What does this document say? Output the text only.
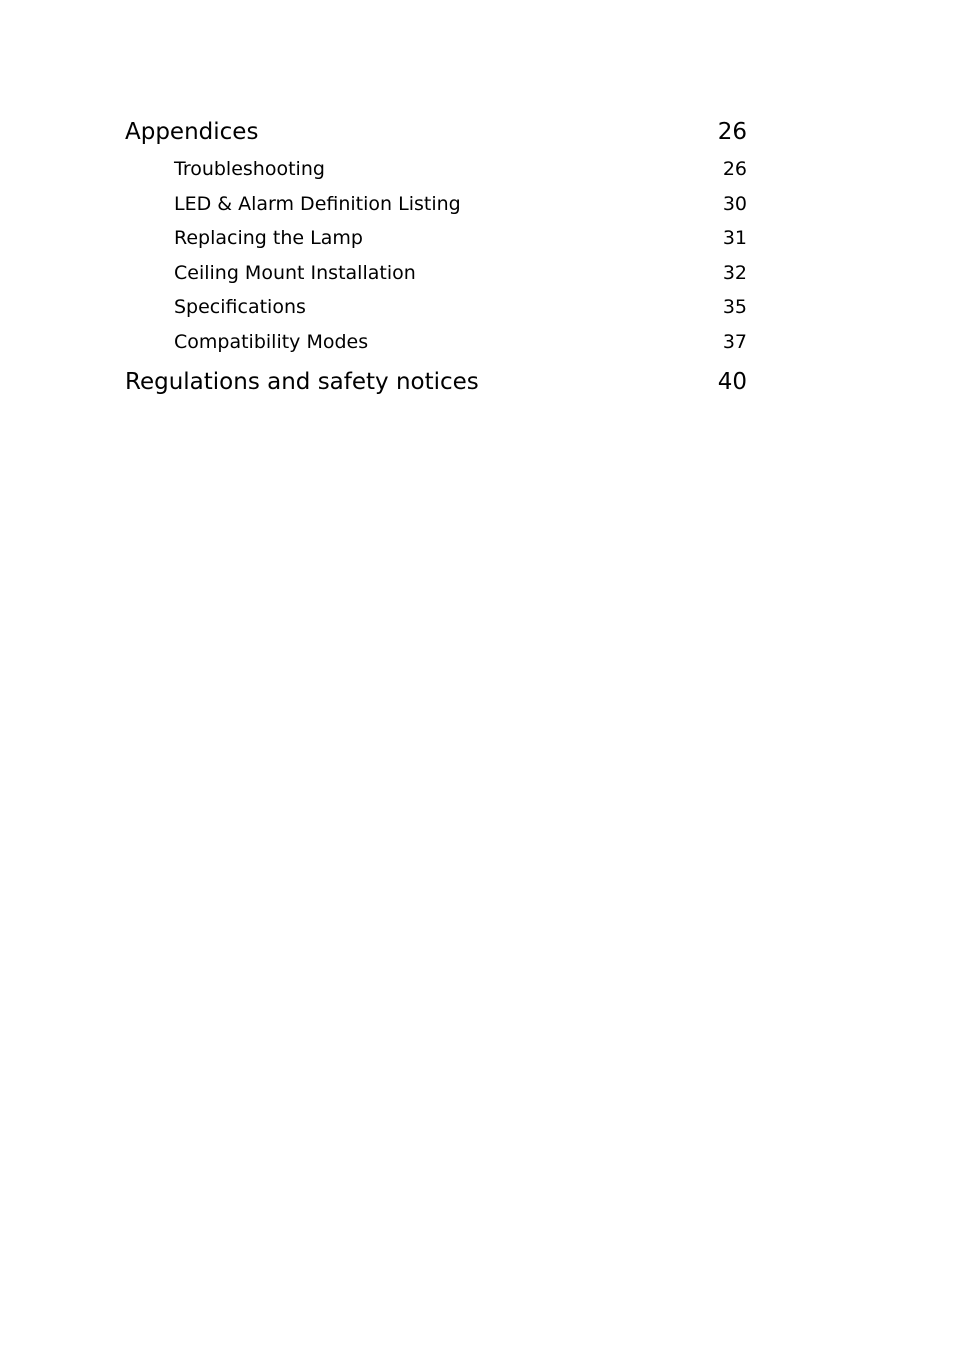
Appendices	26
Troubleshooting	26
LED & Alarm Definition Listing	30
Replacing the Lamp	31
Ceiling Mount Installation	32
Specifications	35
Compatibility Modes	37
Regulations and safety notices	40
